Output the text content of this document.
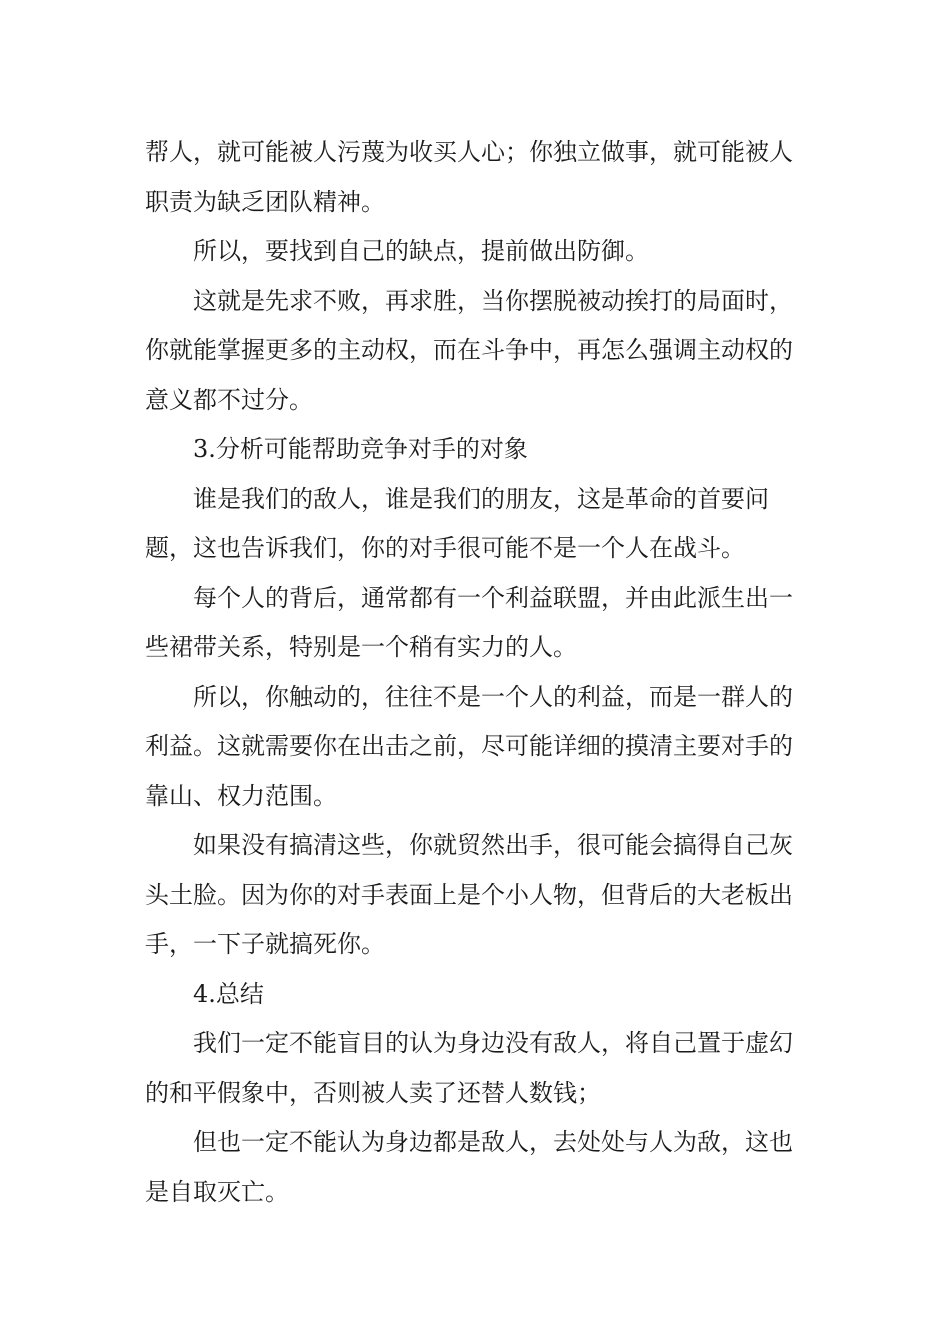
帮人，就可能被人污蔑为收买人心；你独立做事，就可能被人职责为缺乏团队精神。

所以，要找到自己的缺点，提前做出防御。

这就是先求不败，再求胜，当你摆脱被动挨打的局面时，你就能掌握更多的主动权，而在斗争中，再怎么强调主动权的意义都不过分。

3.分析可能帮助竞争对手的对象

谁是我们的敌人，谁是我们的朋友，这是革命的首要问题，这也告诉我们，你的对手很可能不是一个人在战斗。

每个人的背后，通常都有一个利益联盟，并由此派生出一些裙带关系，特别是一个稍有实力的人。

所以，你触动的，往往不是一个人的利益，而是一群人的利益。这就需要你在出击之前，尽可能详细的摸清主要对手的靠山、权力范围。

如果没有搞清这些，你就贸然出手，很可能会搞得自己灰头土脸。因为你的对手表面上是个小人物，但背后的大老板出手，一下子就搞死你。

4.总结

我们一定不能盲目的认为身边没有敌人，将自己置于虚幻的和平假象中，否则被人卖了还替人数钱；

但也一定不能认为身边都是敌人，去处处与人为敌，这也是自取灭亡。
